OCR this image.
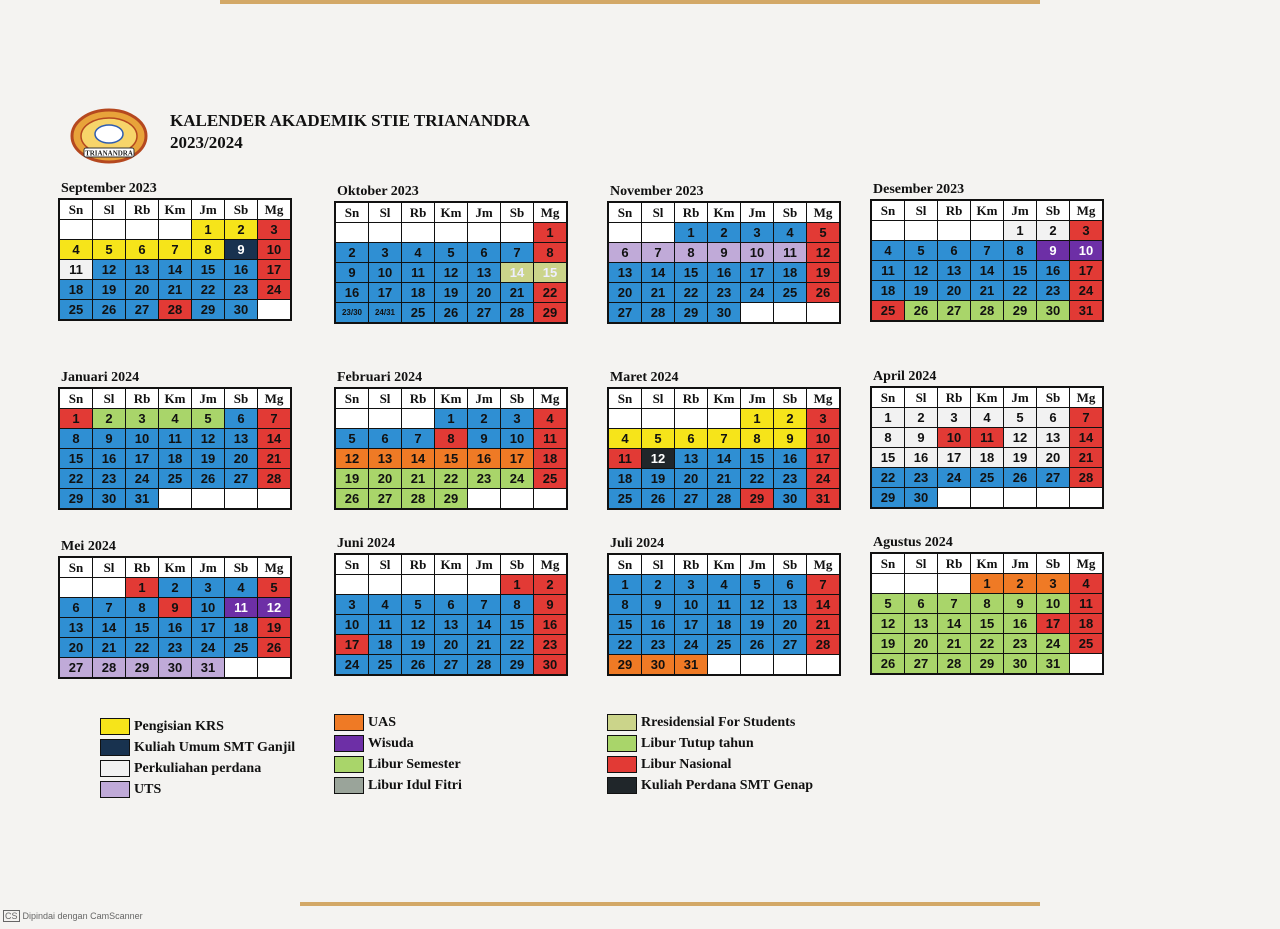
TRIANANDRA
KALENDER AKADEMIK STIE TRIANANDRA
2023/2024
September 2023
Sn	Sl	Rb	Km	Jm	Sb	Mg
				1	2	3
4	5	6	7	8	9	10
11	12	13	14	15	16	17
18	19	20	21	22	23	24
25	26	27	28	29	30	
Oktober 2023
Sn	Sl	Rb	Km	Jm	Sb	Mg
						1
2	3	4	5	6	7	8
9	10	11	12	13	14	15
16	17	18	19	20	21	22
23/30	24/31	25	26	27	28	29
November 2023
Sn	Sl	Rb	Km	Jm	Sb	Mg
		1	2	3	4	5
6	7	8	9	10	11	12
13	14	15	16	17	18	19
20	21	22	23	24	25	26
27	28	29	30			
Desember 2023
Sn	Sl	Rb	Km	Jm	Sb	Mg
				1	2	3
4	5	6	7	8	9	10
11	12	13	14	15	16	17
18	19	20	21	22	23	24
25	26	27	28	29	30	31
Januari 2024
Sn	Sl	Rb	Km	Jm	Sb	Mg
1	2	3	4	5	6	7
8	9	10	11	12	13	14
15	16	17	18	19	20	21
22	23	24	25	26	27	28
29	30	31				
Februari 2024
Sn	Sl	Rb	Km	Jm	Sb	Mg
			1	2	3	4
5	6	7	8	9	10	11
12	13	14	15	16	17	18
19	20	21	22	23	24	25
26	27	28	29			
Maret 2024
Sn	Sl	Rb	Km	Jm	Sb	Mg
				1	2	3
4	5	6	7	8	9	10
11	12	13	14	15	16	17
18	19	20	21	22	23	24
25	26	27	28	29	30	31
April 2024
Sn	Sl	Rb	Km	Jm	Sb	Mg
1	2	3	4	5	6	7
8	9	10	11	12	13	14
15	16	17	18	19	20	21
22	23	24	25	26	27	28
29	30					
Mei 2024
Sn	Sl	Rb	Km	Jm	Sb	Mg
		1	2	3	4	5
6	7	8	9	10	11	12
13	14	15	16	17	18	19
20	21	22	23	24	25	26
27	28	29	30	31		
Juni 2024
Sn	Sl	Rb	Km	Jm	Sb	Mg
					1	2
3	4	5	6	7	8	9
10	11	12	13	14	15	16
17	18	19	20	21	22	23
24	25	26	27	28	29	30
Juli 2024
Sn	Sl	Rb	Km	Jm	Sb	Mg
1	2	3	4	5	6	7
8	9	10	11	12	13	14
15	16	17	18	19	20	21
22	23	24	25	26	27	28
29	30	31				
Agustus 2024
Sn	Sl	Rb	Km	Jm	Sb	Mg
			1	2	3	4
5	6	7	8	9	10	11
12	13	14	15	16	17	18
19	20	21	22	23	24	25
26	27	28	29	30	31	
Pengisian KRS
Kuliah Umum SMT Ganjil
Perkuliahan perdana
UTS
UAS
Wisuda
Libur Semester
Libur Idul Fitri
Rresidensial For Students
Libur Tutup tahun
Libur Nasional
Kuliah Perdana SMT Genap
CS Dipindai dengan CamScanner
